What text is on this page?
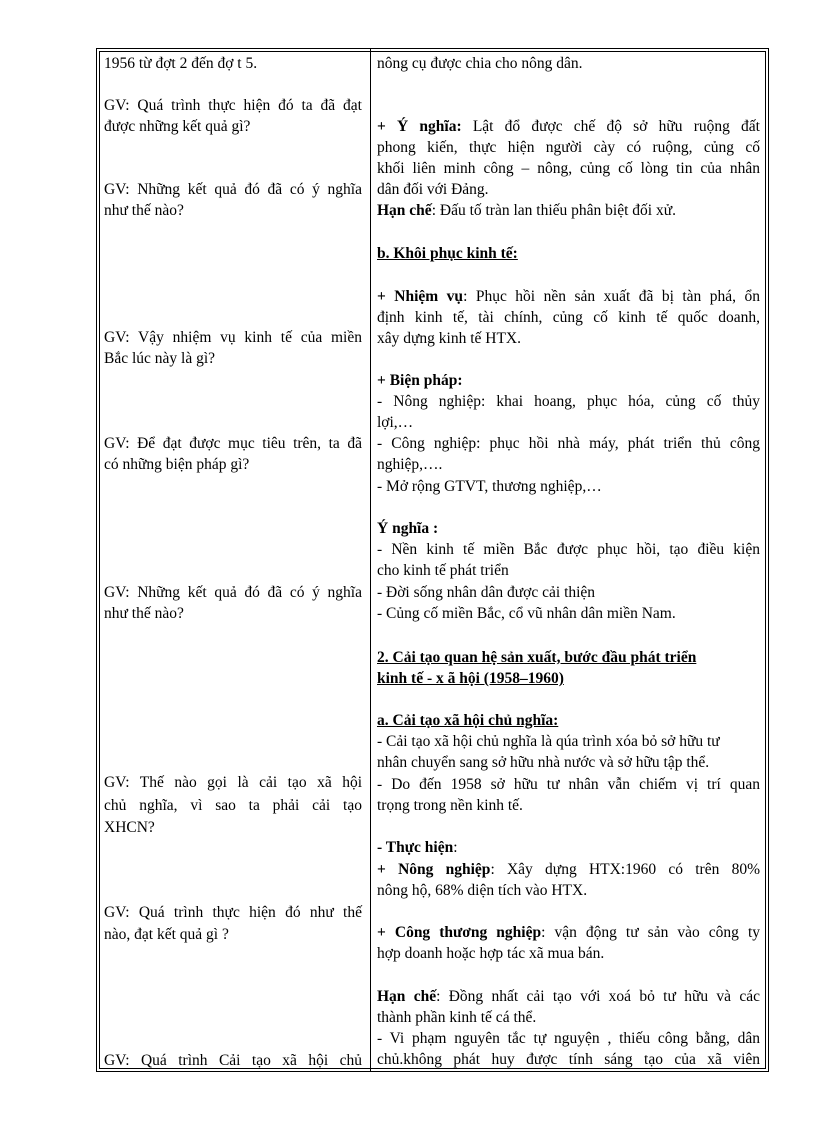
1956 từ đợt 2 đến đợ t 5.
GV: Quá trình thực hiện đó ta đã đạt
được những kết quả gì?
GV: Những kết quả đó đã có ý nghĩa
như thế nào?
GV: Vậy nhiệm vụ kinh tế của miền
Bắc lúc này là gì?
GV: Để đạt được mục tiêu trên, ta đã
có những biện pháp gì?
GV: Những kết quả đó đã có ý nghĩa
như thế nào?
GV: Thế nào gọi là cải tạo xã hội
chủ nghĩa, vì sao ta phải cải tạo
XHCN?
GV: Quá trình thực hiện đó như thế
nào, đạt kết quả gì ?
GV: Quá trình Cải tạo xã hội chủ
nông cụ được chia cho nông dân.
+ Ý nghĩa: Lật đổ được chế độ sở hữu ruộng đất
phong kiến, thực hiện người cày có ruộng, củng cố
khối liên minh công – nông, củng cố lòng tin của nhân
dân đối với Đảng.
Hạn chế: Đấu tố tràn lan thiếu phân biệt đối xử.
b. Khôi phục kinh tế:
+ Nhiệm vụ: Phục hồi nền sản xuất đã bị tàn phá, ổn
định kinh tế, tài chính, củng cố kinh tế quốc doanh,
xây dựng kinh tế HTX.
+ Biện pháp:
- Nông nghiệp: khai hoang, phục hóa, củng cố thủy
lợi,…
- Công nghiệp: phục hồi nhà máy, phát triển thủ công
nghiệp,….
- Mở rộng GTVT, thương nghiệp,…
Ý nghĩa :
- Nền kinh tế miền Bắc được phục hồi, tạo điều kiện
cho kinh tế phát triển
- Đời sống nhân dân được cải thiện
- Củng cố miền Bắc, cổ vũ nhân dân miền Nam.
2. Cải tạo quan hệ sản xuất, bước đầu phát triển
kinh tế - x ã hội (1958–1960)
a. Cải tạo xã hội chủ nghĩa:
- Cải tạo xã hội chủ nghĩa là qúa trình xóa bỏ sở hữu tư
nhân chuyển sang sở hữu nhà nước và sở hữu tập thể.
- Do đến 1958 sở hữu tư nhân vẫn chiếm vị trí quan
trọng trong nền kinh tế.
- Thực hiện:
+ Nông nghiệp: Xây dựng HTX:1960 có trên 80%
nông hộ, 68% diện tích vào HTX.
+ Công thương nghiệp: vận động tư sản vào công ty
hợp doanh hoặc hợp tác xã mua bán.
Hạn chế: Đồng nhất cải tạo với xoá bỏ tư hữu và các
thành phần kinh tế cá thể.
- Vi phạm nguyên tắc tự nguyện , thiếu công bằng, dân
chủ.không phát huy được tính sáng tạo của xã viên
